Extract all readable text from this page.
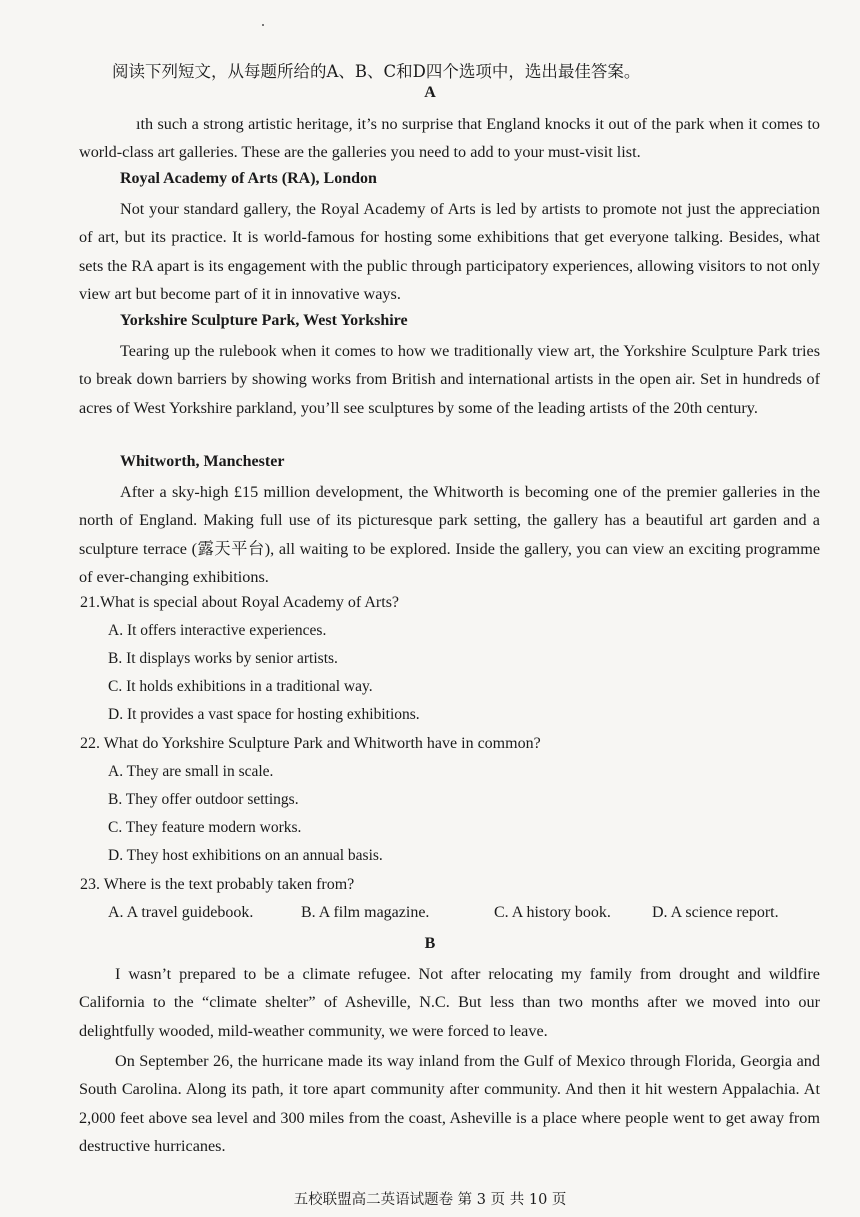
阅读下列短文，从每题所给的A、B、C和D四个选项中，选出最佳答案。
A

ıth such a strong artistic heritage, it’s no surprise that England knocks it out of the park when it comes to world-class art galleries. These are the galleries you need to add to your must-visit list.

Royal Academy of Arts (RA), London

Not your standard gallery, the Royal Academy of Arts is led by artists to promote not just the appreciation of art, but its practice. It is world-famous for hosting some exhibitions that get everyone talking. Besides, what sets the RA apart is its engagement with the public through participatory experiences, allowing visitors to not only view art but become part of it in innovative ways.

Yorkshire Sculpture Park, West Yorkshire

Tearing up the rulebook when it comes to how we traditionally view art, the Yorkshire Sculpture Park tries to break down barriers by showing works from British and international artists in the open air. Set in hundreds of acres of West Yorkshire parkland, you’ll see sculptures by some of the leading artists of the 20th century.

Whitworth, Manchester

After a sky-high £15 million development, the Whitworth is becoming one of the premier galleries in the north of England. Making full use of its picturesque park setting, the gallery has a beautiful art garden and a sculpture terrace (露天平台), all waiting to be explored. Inside the gallery, you can view an exciting programme of ever-changing exhibitions.

21.What is special about Royal Academy of Arts?

A. It offers interactive experiences.

B. It displays works by senior artists.

C. It holds exhibitions in a traditional way.

D. It provides a vast space for hosting exhibitions.

22. What do Yorkshire Sculpture Park and Whitworth have in common?

A. They are small in scale.

B. They offer outdoor settings.

C. They feature modern works.

D. They host exhibitions on an annual basis.

23. Where is the text probably taken from?

A. A travel guidebook.	B. A film magazine.	C. A history book.	D. A science report.
B

I wasn’t prepared to be a climate refugee. Not after relocating my family from drought and wildfire California to the “climate shelter” of Asheville, N.C. But less than two months after we moved into our delightfully wooded, mild-weather community, we were forced to leave.

On September 26, the hurricane made its way inland from the Gulf of Mexico through Florida, Georgia and South Carolina. Along its path, it tore apart community after community. And then it hit western Appalachia. At 2,000 feet above sea level and 300 miles from the coast, Asheville is a place where people went to get away from destructive hurricanes.

五校联盟高二英语试题卷 第 3 页 共 10 页
